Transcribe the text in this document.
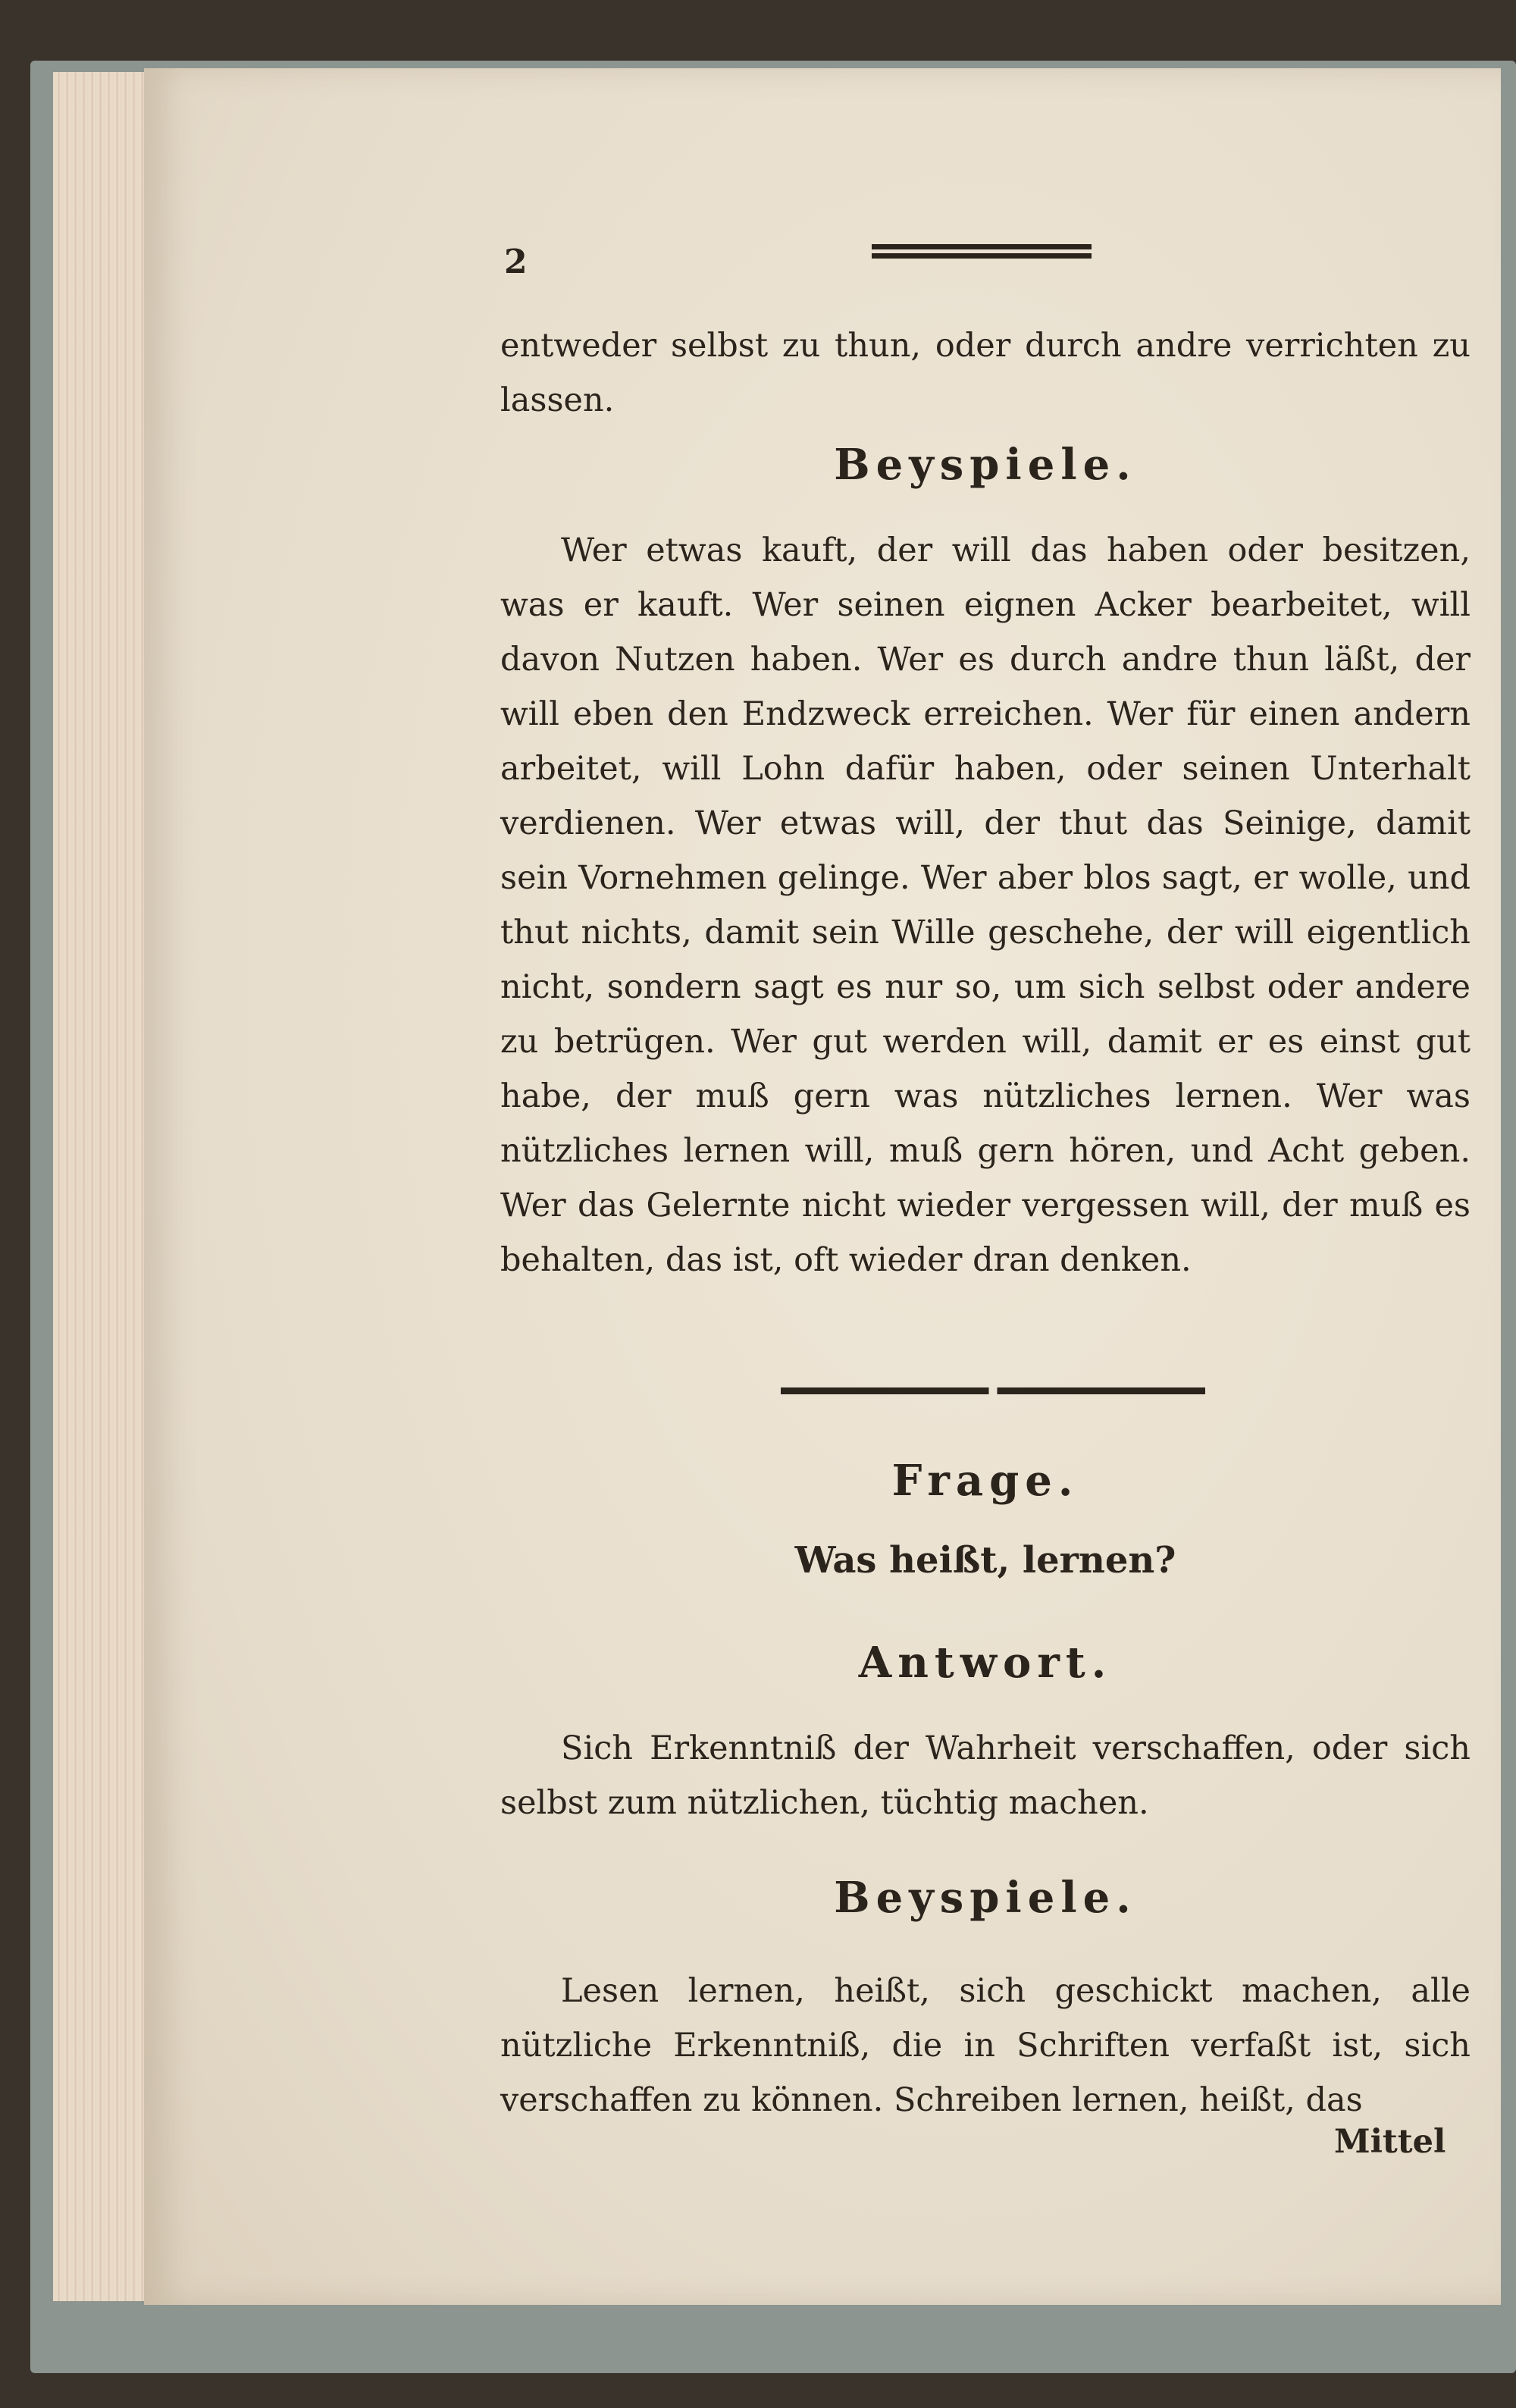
2

entweder selbst zu thun, oder durch andre verrichten zu lassen.

Beyspiele.

Wer etwas kauft, der will das haben oder besitzen, was er kauft. Wer seinen eignen Acker bearbeitet, will davon Nutzen haben. Wer es durch andre thun läßt, der will eben den Endzweck erreichen. Wer für einen andern arbeitet, will Lohn dafür haben, oder seinen Unterhalt verdienen. Wer etwas will, der thut das Seinige, damit sein Vornehmen gelinge. Wer aber blos sagt, er wolle, und thut nichts, damit sein Wille geschehe, der will eigentlich nicht, sondern sagt es nur so, um sich selbst oder andere zu betrügen. Wer gut werden will, damit er es einst gut habe, der muß gern was nützliches lernen. Wer was nützliches lernen will, muß gern hören, und Acht geben. Wer das Gelernte nicht wieder vergessen will, der muß es behalten, das ist, oft wieder dran denken.

Frage.
Was heißt, lernen?
Antwort.

Sich Erkenntniß der Wahrheit verschaffen, oder sich selbst zum nützlichen, tüchtig machen.

Beyspiele.

Lesen lernen, heißt, sich geschickt machen, alle nützliche Erkenntniß, die in Schriften verfaßt ist, sich verschaffen zu können. Schreiben lernen, heißt, das

Mittel
